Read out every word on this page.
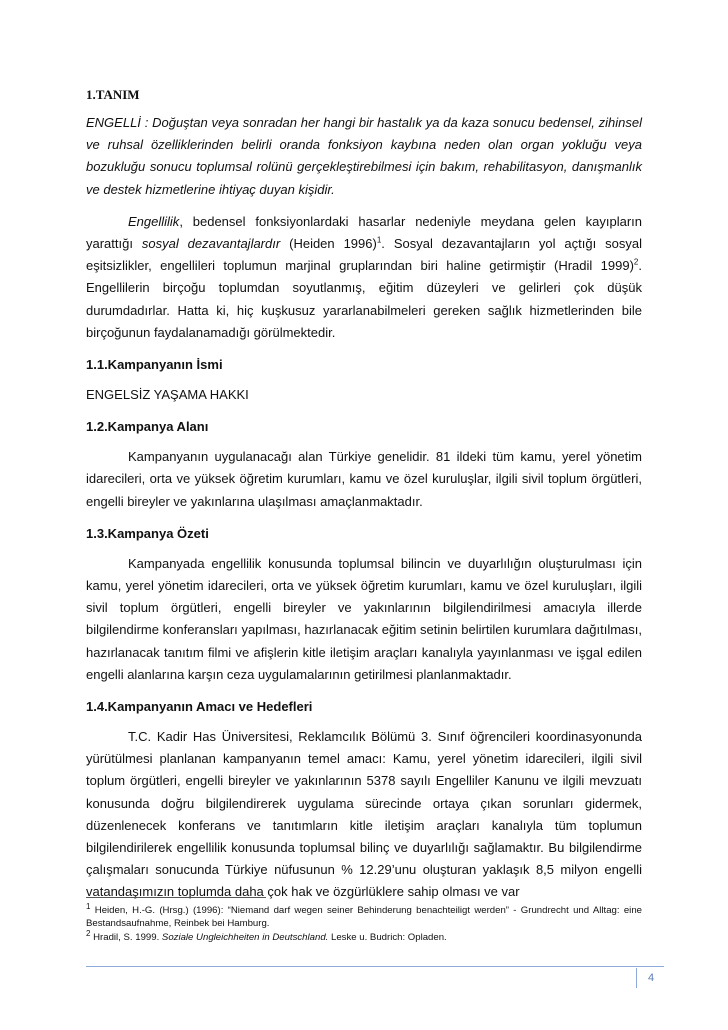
1.TANIM

ENGELLİ : Doğuştan veya sonradan her hangi bir hastalık ya da kaza sonucu bedensel, zihinsel ve ruhsal özelliklerinden belirli oranda fonksiyon kaybına neden olan organ yokluğu veya bozukluğu sonucu toplumsal rolünü gerçekleştirebilmesi için bakım, rehabilitasyon, danışmanlık ve destek hizmetlerine ihtiyaç duyan kişidir.

Engellilik, bedensel fonksiyonlardaki hasarlar nedeniyle meydana gelen kayıpların yarattığı sosyal dezavantajlardır (Heiden 1996)$^1$. Sosyal dezavantajların yol açtığı sosyal eşitsizlikler, engellileri toplumun marjinal gruplarından biri haline getirmiştir (Hradil 1999)$^2$. Engellilerin birçoğu toplumdan soyutlanmış, eğitim düzeyleri ve gelirleri çok düşük durumdadırlar. Hatta ki, hiç kuşkusuz yararlanabilmeleri gereken sağlık hizmetlerinden bile birçoğunun faydalanamadığı görülmektedir.

1.1.Kampanyanın İsmi

ENGELSİZ YAŞAMA HAKKI

1.2.Kampanya Alanı

Kampanyanın uygulanacağı alan Türkiye genelidir. 81 ildeki tüm kamu, yerel yönetim idarecileri, orta ve yüksek öğretim kurumları, kamu ve özel kuruluşlar, ilgili sivil toplum örgütleri, engelli bireyler ve yakınlarına ulaşılması amaçlanmaktadır.

1.3.Kampanya Özeti

Kampanyada engellilik konusunda toplumsal bilincin ve duyarlılığın oluşturulması için kamu, yerel yönetim idarecileri, orta ve yüksek öğretim kurumları, kamu ve özel kuruluşları, ilgili sivil toplum örgütleri, engelli bireyler ve yakınlarının bilgilendirilmesi amacıyla illerde bilgilendirme konferansları yapılması, hazırlanacak eğitim setinin belirtilen kurumlara dağıtılması, hazırlanacak tanıtım filmi ve afişlerin kitle iletişim araçları kanalıyla yayınlanması ve işgal edilen engelli alanlarına karşın ceza uygulamalarının getirilmesi planlanmaktadır.

1.4.Kampanyanın Amacı ve Hedefleri

T.C. Kadir Has Üniversitesi, Reklamcılık Bölümü 3. Sınıf öğrencileri koordinasyonunda yürütülmesi planlanan kampanyanın temel amacı: Kamu, yerel yönetim idarecileri, ilgili sivil toplum örgütleri, engelli bireyler ve yakınlarının 5378 sayılı Engelliler Kanunu ve ilgili mevzuatı konusunda doğru bilgilendirerek uygulama sürecinde ortaya çıkan sorunları gidermek, düzenlenecek konferans ve tanıtımların kitle iletişim araçları kanalıyla tüm toplumun bilgilendirilerek engellilik konusunda toplumsal bilinç ve duyarlılığı sağlamaktır. Bu bilgilendirme çalışmaları sonucunda Türkiye nüfusunun % 12.29’unu oluşturan yaklaşık 8,5 milyon engelli vatandaşımızın toplumda daha çok hak ve özgürlüklere sahip olması ve var

$^1$ Heiden, H.-G. (Hrsg.) (1996): “Niemand darf wegen seiner Behinderung benachteiligt werden” - Grundrecht und Alltag: eine Bestandsaufnahme, Reinbek bei Hamburg.

$^2$ Hradil, S. 1999. Soziale Ungleichheiten in Deutschland. Leske u. Budrich: Opladen.

4
